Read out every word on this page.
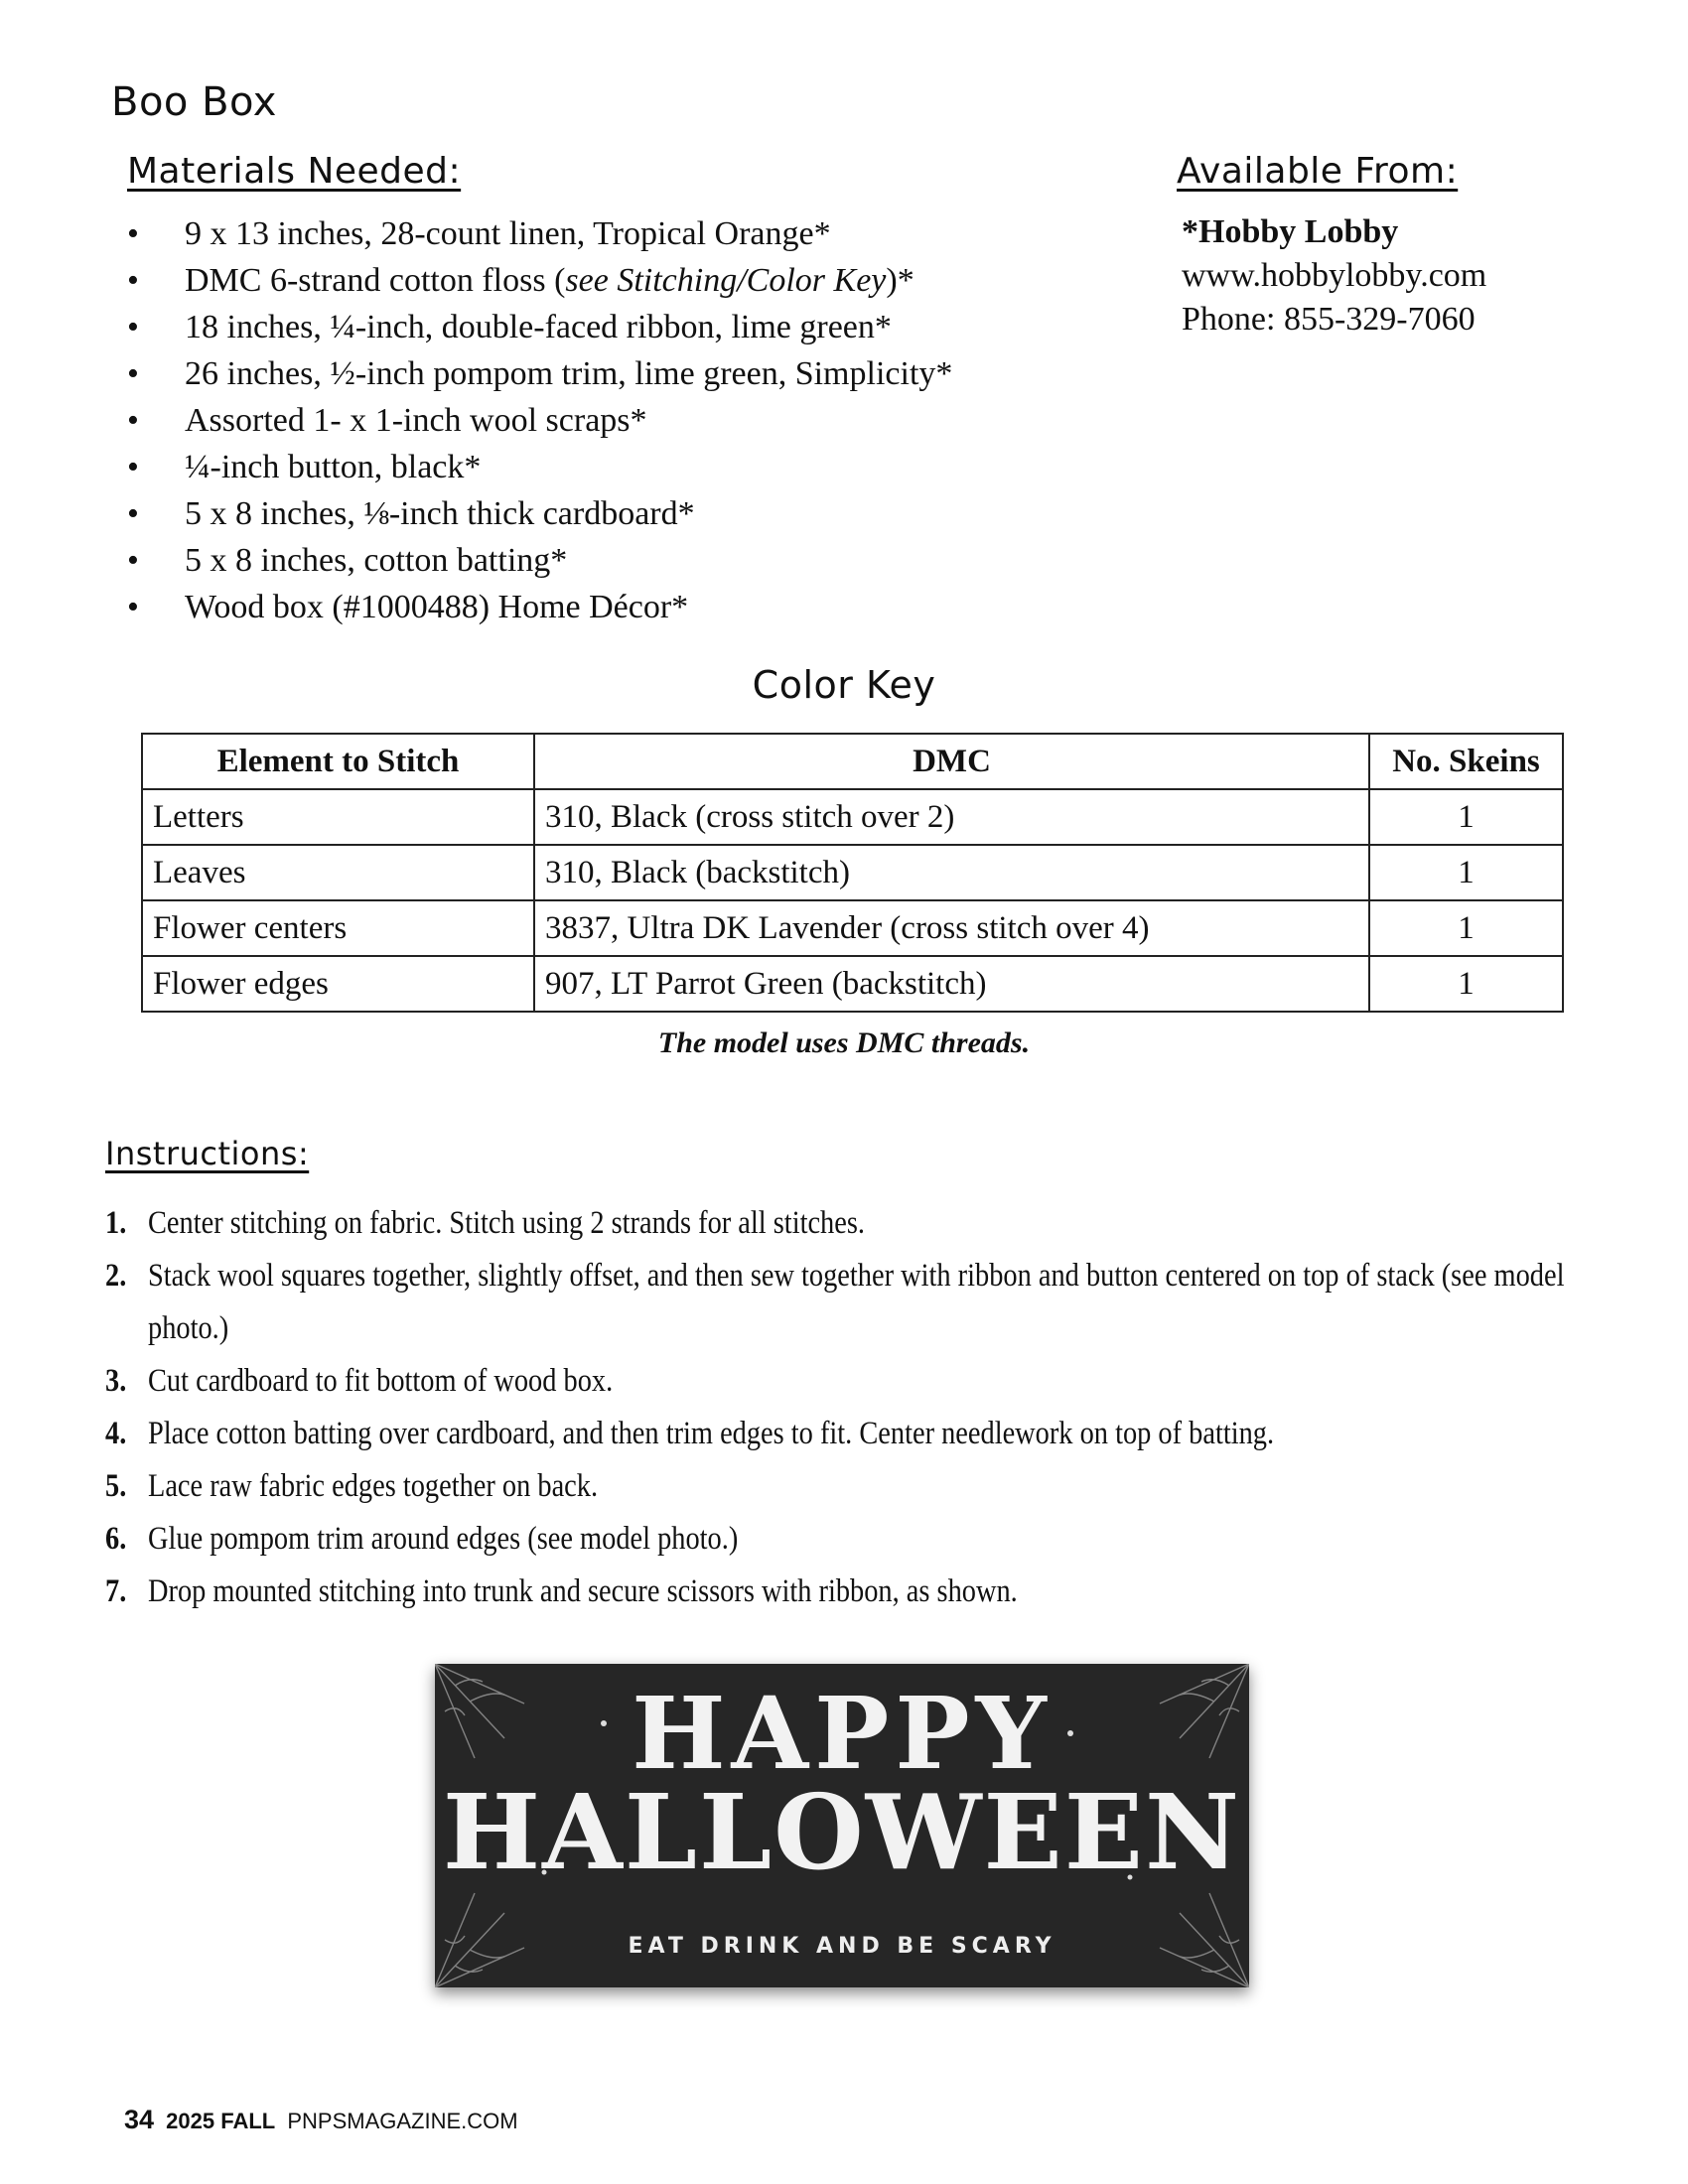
Boo Box
Materials Needed:
• 9 x 13 inches, 28-count linen, Tropical Orange*
• DMC 6-strand cotton floss (see Stitching/Color Key)*
• 18 inches, ¼-inch, double-faced ribbon, lime green*
• 26 inches, ½-inch pompom trim, lime green, Simplicity*
• Assorted 1- x 1-inch wool scraps*
• ¼-inch button, black*
• 5 x 8 inches, ⅛-inch thick cardboard*
• 5 x 8 inches, cotton batting*
• Wood box (#1000488) Home Décor*
Available From:
*Hobby Lobby
www.hobbylobby.com
Phone: 855-329-7060
Color Key
Element to Stitch	DMC	No. Skeins
Letters	310, Black (cross stitch over 2)	1
Leaves	310, Black (backstitch)	1
Flower centers	3837, Ultra DK Lavender (cross stitch over 4)	1
Flower edges	907, LT Parrot Green (backstitch)	1
The model uses DMC threads.
Instructions:
1. Center stitching on fabric. Stitch using 2 strands for all stitches.
2. Stack wool squares together, slightly offset, and then sew together with ribbon and button centered on top of stack (see model photo.)
3. Cut cardboard to fit bottom of wood box.
4. Place cotton batting over cardboard, and then trim edges to fit. Center needlework on top of batting.
5. Lace raw fabric edges together on back.
6. Glue pompom trim around edges (see model photo.)
7. Drop mounted stitching into trunk and secure scissors with ribbon, as shown.
HAPPY
HALLOWEEN
EAT DRINK AND BE SCARY
34 2025 FALL PNPSMAGAZINE.COM
